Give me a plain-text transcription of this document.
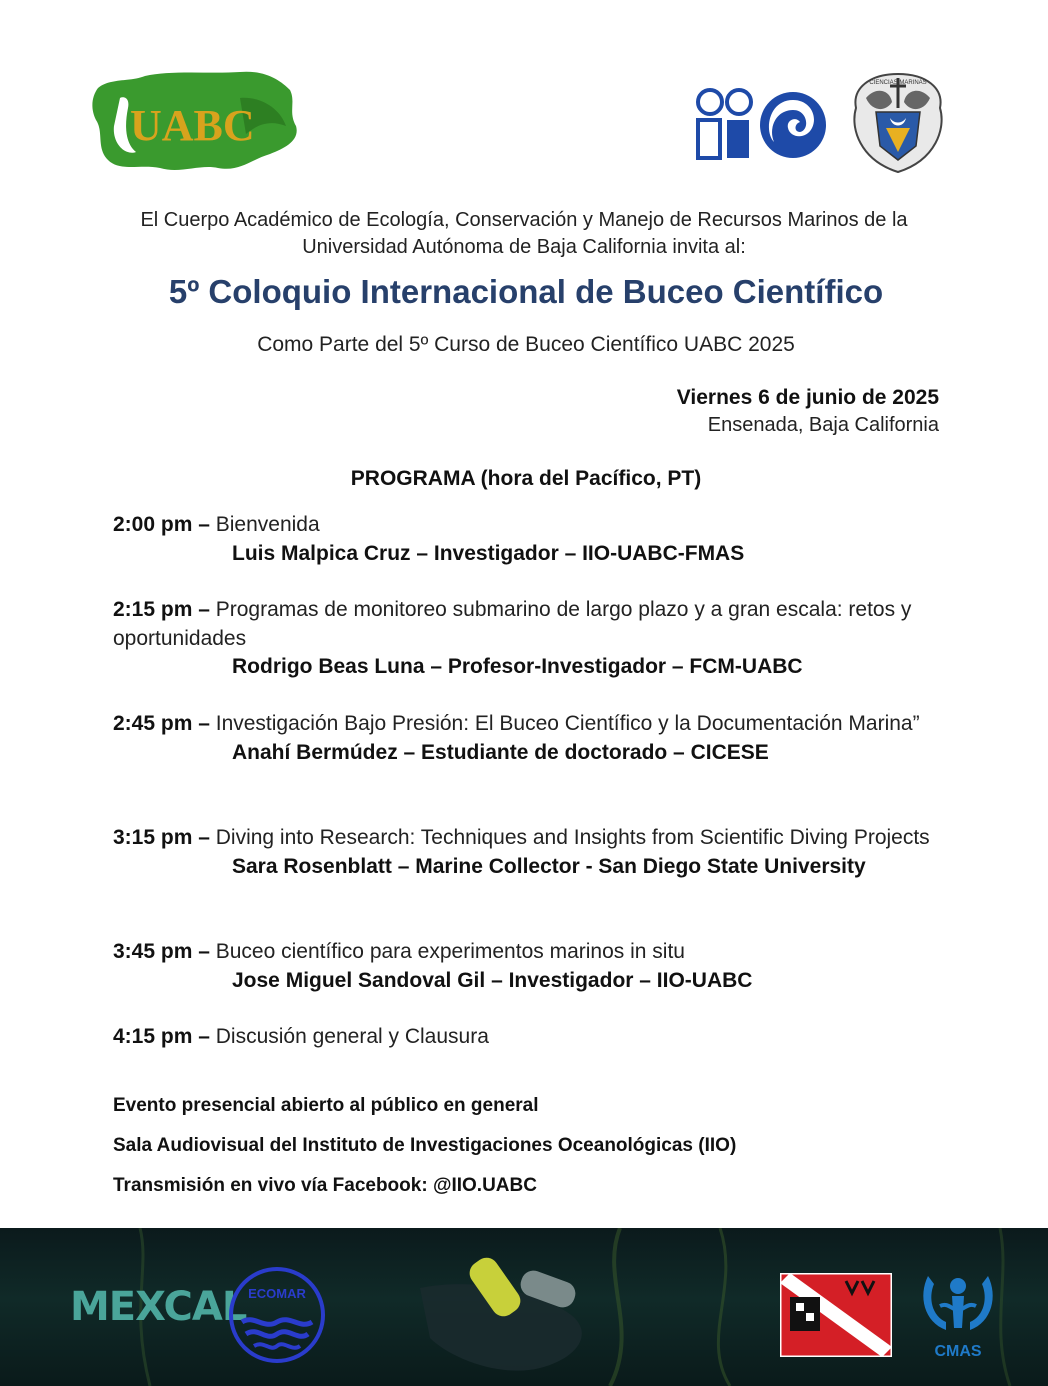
UABC
IIO
CIENCIAS MARINAS
El Cuerpo Académico de Ecología, Conservación y Manejo de Recursos Marinos de la
Universidad Autónoma de Baja California invita al:
5º Coloquio Internacional de Buceo Científico
Como Parte del 5º Curso de Buceo Científico UABC 2025
Viernes 6 de junio de 2025
Ensenada, Baja California
PROGRAMA (hora del Pacífico, PT)
2:00 pm – Bienvenida
Luis Malpica Cruz – Investigador – IIO-UABC-FMAS
2:15 pm – Programas de monitoreo submarino de largo plazo y a gran escala: retos y oportunidades
Rodrigo Beas Luna – Profesor-Investigador – FCM-UABC
2:45 pm – Investigación Bajo Presión: El Buceo Científico y la Documentación Marina”
Anahí Bermúdez – Estudiante de doctorado – CICESE
3:15 pm – Diving into Research: Techniques and Insights from Scientific Diving Projects
Sara Rosenblatt – Marine Collector - San Diego State University
3:45 pm – Buceo científico para experimentos marinos in situ
Jose Miguel Sandoval Gil – Investigador – IIO-UABC
4:15 pm – Discusión general y Clausura
Evento presencial abierto al público en general
Sala Audiovisual del Instituto de Investigaciones Oceanológicas (IIO)
Transmisión en vivo vía Facebook: @IIO.UABC
MEXCAL ECOMAR
CMAS
